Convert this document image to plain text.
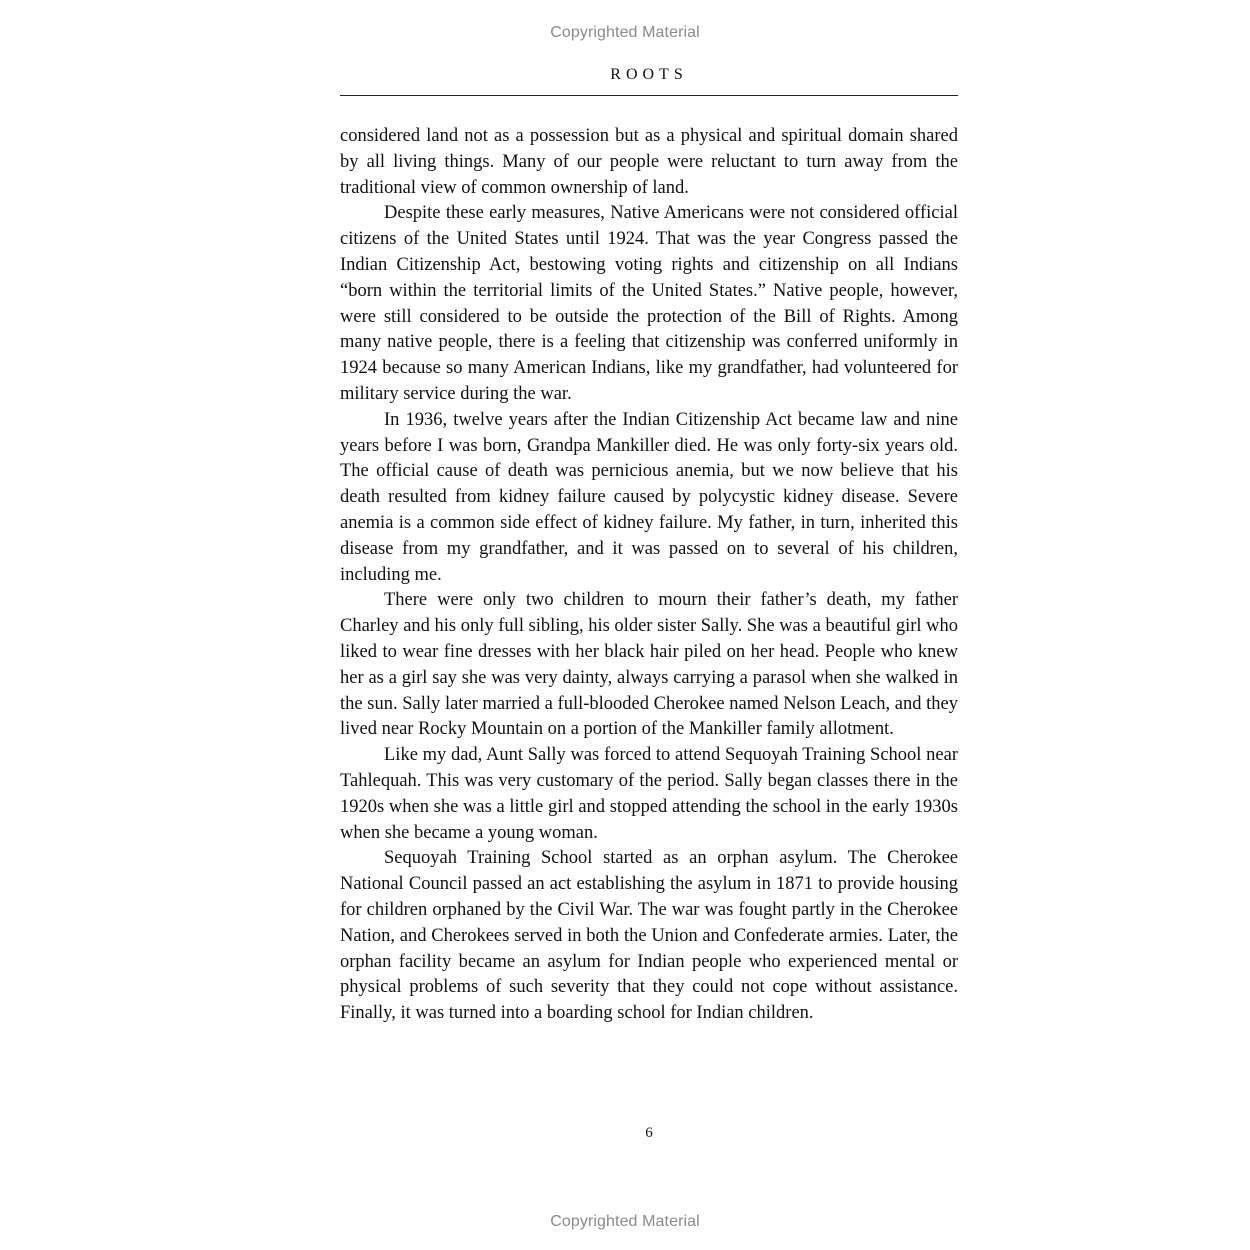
Copyrighted Material
ROOTS

considered land not as a possession but as a physical and spiritual domain shared by all living things. Many of our people were reluctant to turn away from the traditional view of common ownership of land.

Despite these early measures, Native Americans were not considered official citizens of the United States until 1924. That was the year Congress passed the Indian Citizenship Act, bestowing voting rights and citizenship on all Indians “born within the territorial limits of the United States.” Native people, however, were still considered to be outside the protection of the Bill of Rights. Among many native people, there is a feeling that citizenship was conferred uniformly in 1924 because so many American Indians, like my grandfather, had volunteered for military service during the war.

In 1936, twelve years after the Indian Citizenship Act became law and nine years before I was born, Grandpa Mankiller died. He was only forty-six years old. The official cause of death was pernicious anemia, but we now believe that his death resulted from kidney failure caused by polycystic kidney disease. Severe anemia is a common side effect of kidney failure. My father, in turn, inherited this disease from my grandfather, and it was passed on to several of his children, including me.

There were only two children to mourn their father’s death, my father Charley and his only full sibling, his older sister Sally. She was a beautiful girl who liked to wear fine dresses with her black hair piled on her head. People who knew her as a girl say she was very dainty, always carrying a parasol when she walked in the sun. Sally later married a full-blooded Cherokee named Nelson Leach, and they lived near Rocky Mountain on a portion of the Mankiller family allotment.

Like my dad, Aunt Sally was forced to attend Sequoyah Training School near Tahlequah. This was very customary of the period. Sally began classes there in the 1920s when she was a little girl and stopped attending the school in the early 1930s when she became a young woman.

Sequoyah Training School started as an orphan asylum. The Cherokee National Council passed an act establishing the asylum in 1871 to provide housing for children orphaned by the Civil War. The war was fought partly in the Cherokee Nation, and Cherokees served in both the Union and Confederate armies. Later, the orphan facility became an asylum for Indian people who experienced mental or physical problems of such severity that they could not cope without assistance. Finally, it was turned into a boarding school for Indian children.

6
Copyrighted Material
